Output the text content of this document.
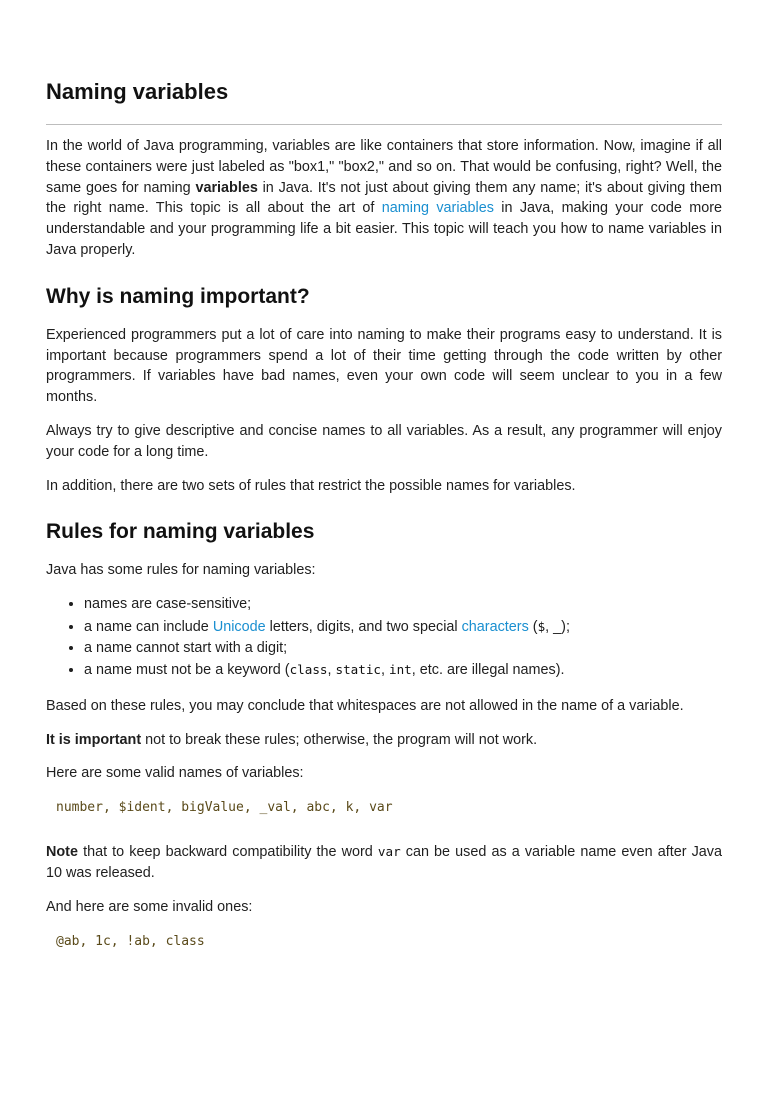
Naming variables

In the world of Java programming, variables are like containers that store information. Now, imagine if all these containers were just labeled as "box1," "box2," and so on. That would be confusing, right? Well, the same goes for naming variables in Java. It's not just about giving them any name; it's about giving them the right name. This topic is all about the art of naming variables in Java, making your code more understandable and your programming life a bit easier. This topic will teach you how to name variables in Java properly.

Why is naming important?

Experienced programmers put a lot of care into naming to make their programs easy to understand. It is important because programmers spend a lot of their time getting through the code written by other programmers. If variables have bad names, even your own code will seem unclear to you in a few months.

Always try to give descriptive and concise names to all variables. As a result, any programmer will enjoy your code for a long time.

In addition, there are two sets of rules that restrict the possible names for variables.

Rules for naming variables

Java has some rules for naming variables:

• names are case-sensitive;
• a name can include Unicode letters, digits, and two special characters ($, _);
• a name cannot start with a digit;
• a name must not be a keyword (class, static, int, etc. are illegal names).

Based on these rules, you may conclude that whitespaces are not allowed in the name of a variable.

It is important not to break these rules; otherwise, the program will not work.

Here are some valid names of variables:

number, $ident, bigValue, _val, abc, k, var

Note that to keep backward compatibility the word var can be used as a variable name even after Java 10 was released.

And here are some invalid ones:

@ab, 1c, !ab, class
